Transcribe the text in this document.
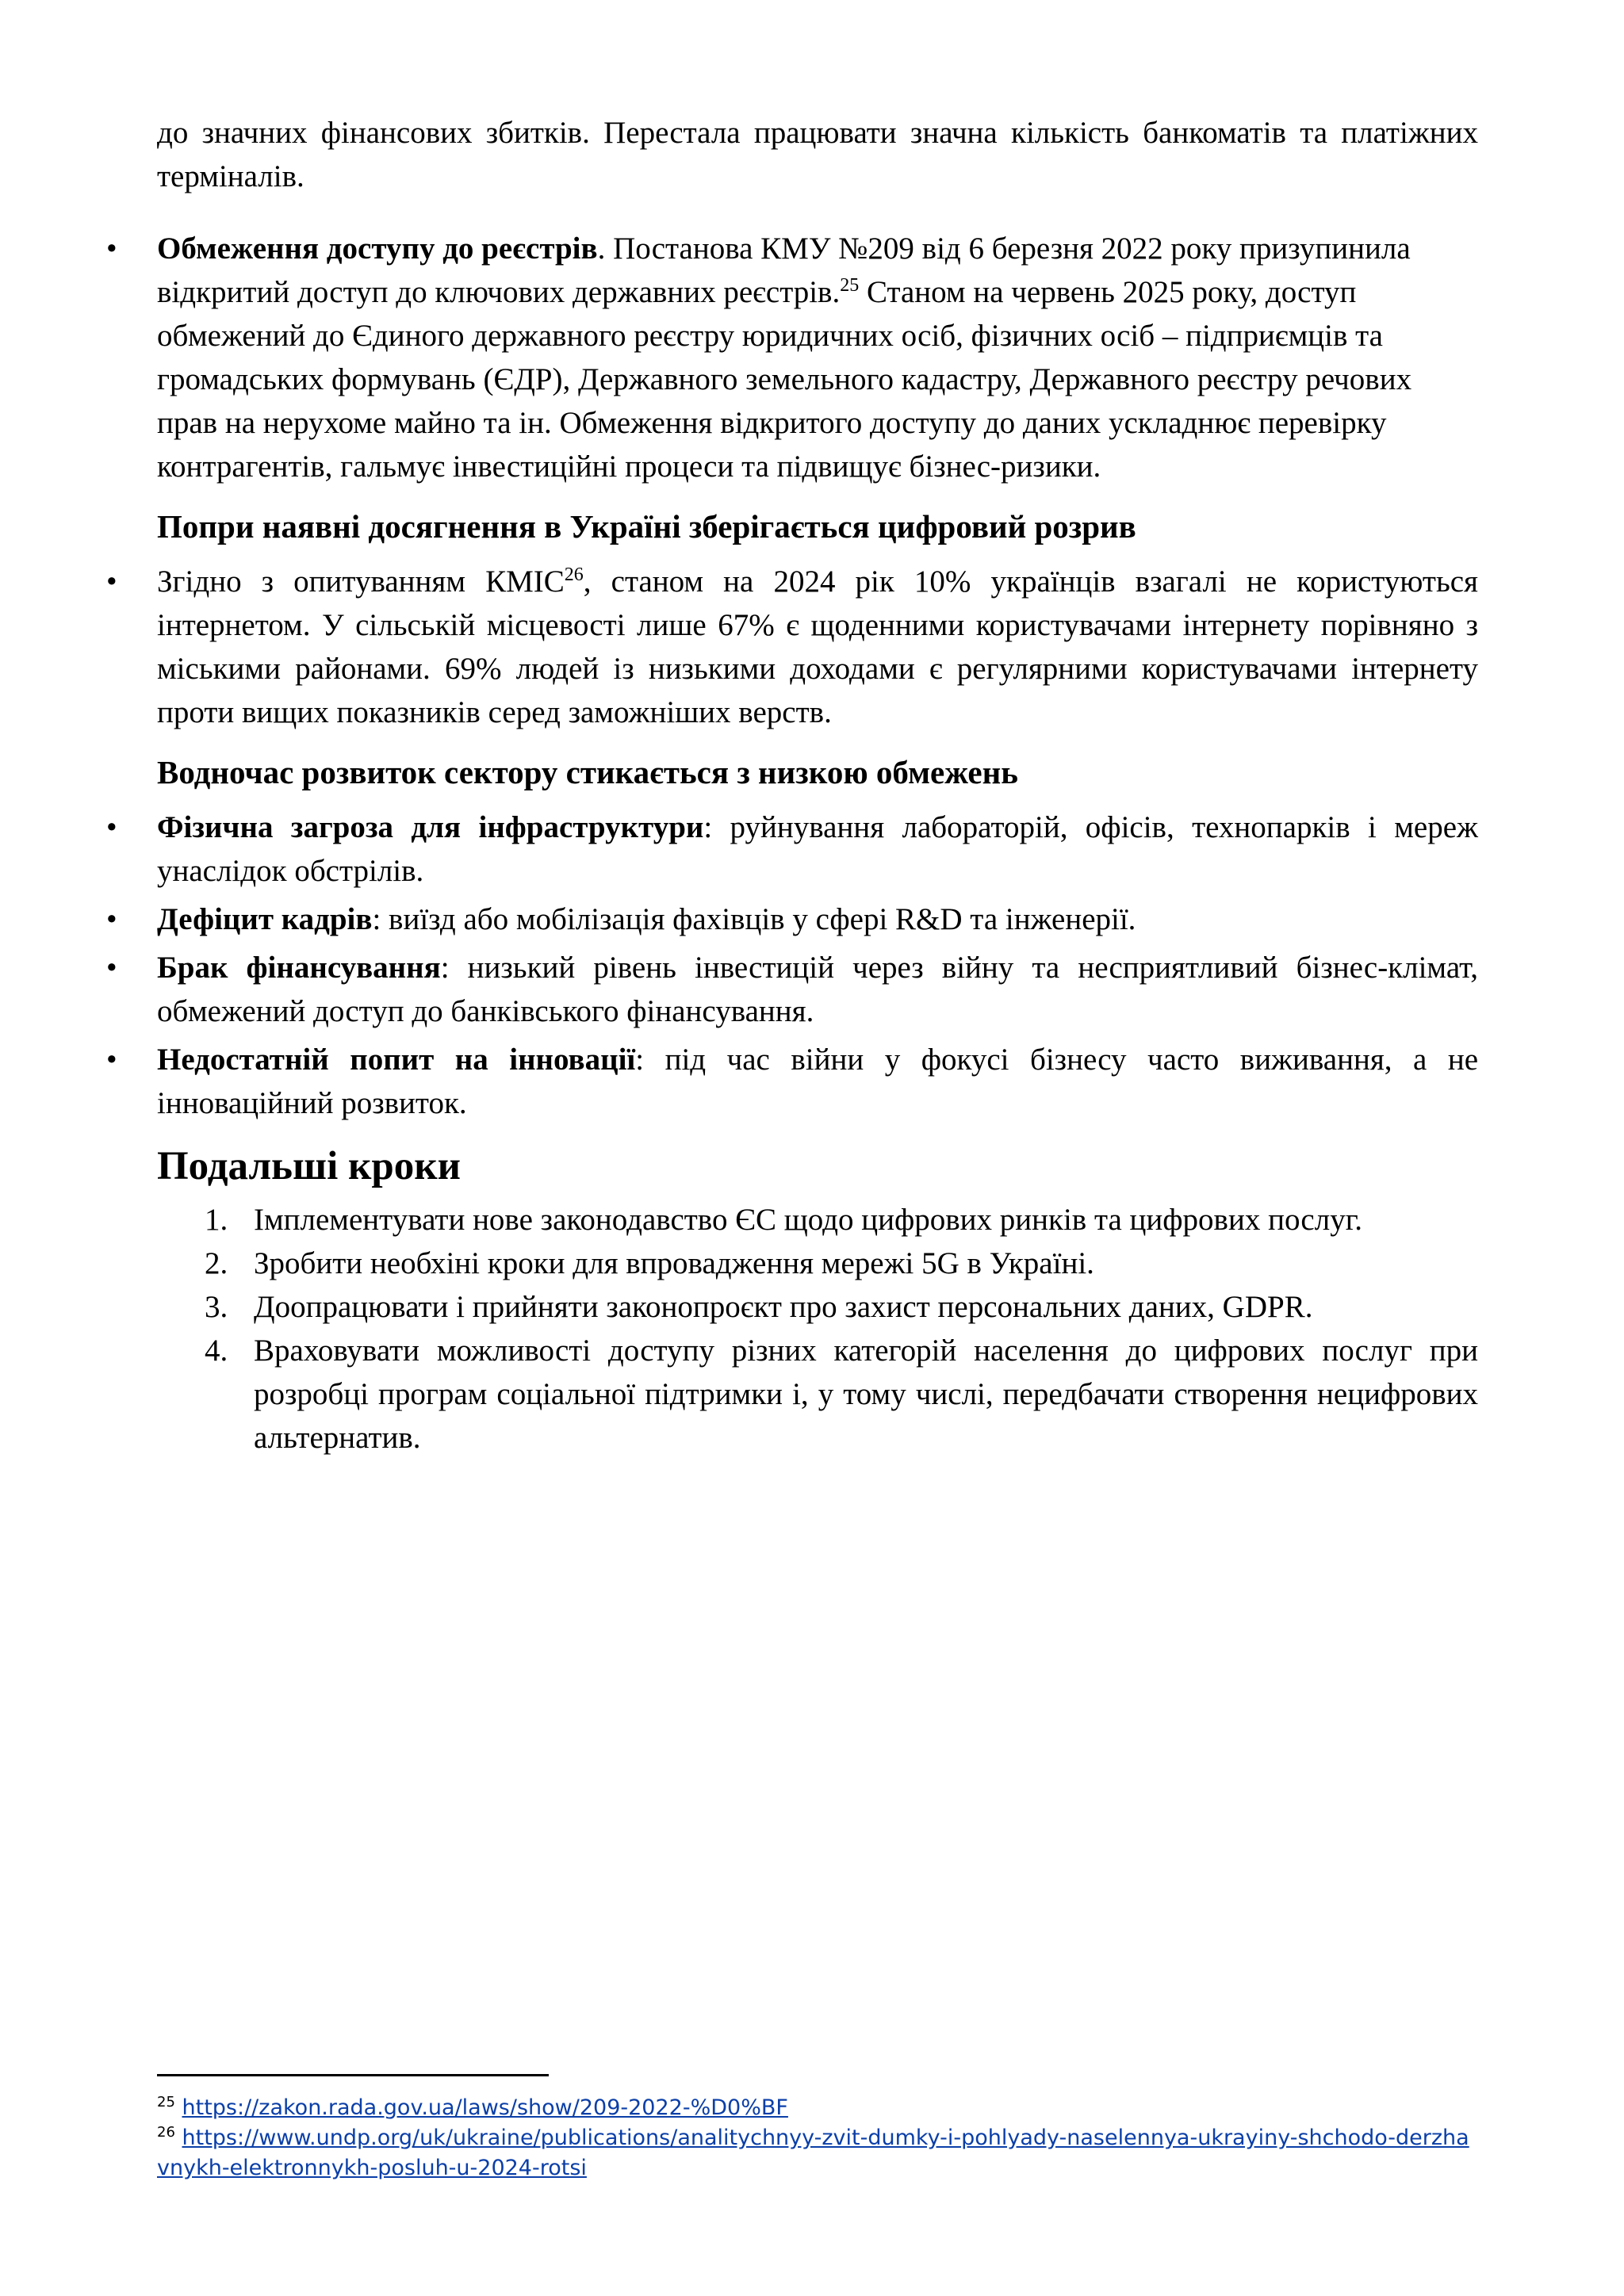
до значних фінансових збитків. Перестала працювати значна кількість банкоматів та платіжних терміналів.

• Обмеження доступу до реєстрів. Постанова КМУ №209 від 6 березня 2022 року призупинила відкритий доступ до ключових державних реєстрів.$^{25}$ Станом на червень 2025 року, доступ обмежений до Єдиного державного реєстру юридичних осіб, фізичних осіб – підприємців та громадських формувань (ЄДР), Державного земельного кадастру, Державного реєстру речових прав на нерухоме майно та ін. Обмеження відкритого доступу до даних ускладнює перевірку контрагентів, гальмує інвестиційні процеси та підвищує бізнес-ризики.
Попри наявні досягнення в Україні зберігається цифровий розрив
• Згідно з опитуванням КМІС$^{26}$, станом на 2024 рік 10% українців взагалі не користуються інтернетом. У сільській місцевості лише 67% є щоденними користувачами інтернету порівняно з міськими районами. 69% людей із низькими доходами є регулярними користувачами інтернету проти вищих показників серед заможніших верств.
Водночас розвиток сектору стикається з низкою обмежень
• Фізична загроза для інфраструктури: руйнування лабораторій, офісів, технопарків і мереж унаслідок обстрілів.
• Дефіцит кадрів: виїзд або мобілізація фахівців у сфері R&D та інженерії.
• Брак фінансування: низький рівень інвестицій через війну та несприятливий бізнес-клімат, обмежений доступ до банківського фінансування.
• Недостатній попит на інновації: під час війни у фокусі бізнесу часто виживання, а не інноваційний розвиток.
Подальші кроки
1. Імплементувати нове законодавство ЄС щодо цифрових ринків та цифрових послуг.
2. Зробити необхіні кроки для впровадження мережі 5G в Україні.
3. Доопрацювати і прийняти законопроєкт про захист персональних даних, GDPR.
4. Враховувати можливості доступу різних категорій населення до цифрових послуг при розробці програм соціальної підтримки і, у тому числі, передбачати створення нецифрових альтернатив.
$^{25}$ https://zakon.rada.gov.ua/laws/show/209-2022-%D0%BF
$^{26}$ https://www.undp.org/uk/ukraine/publications/analitychnyy-zvit-dumky-i-pohlyady-naselennya-ukrayiny-shchodo-derzhavnykh-elektronnykh-posluh-u-2024-rotsi
